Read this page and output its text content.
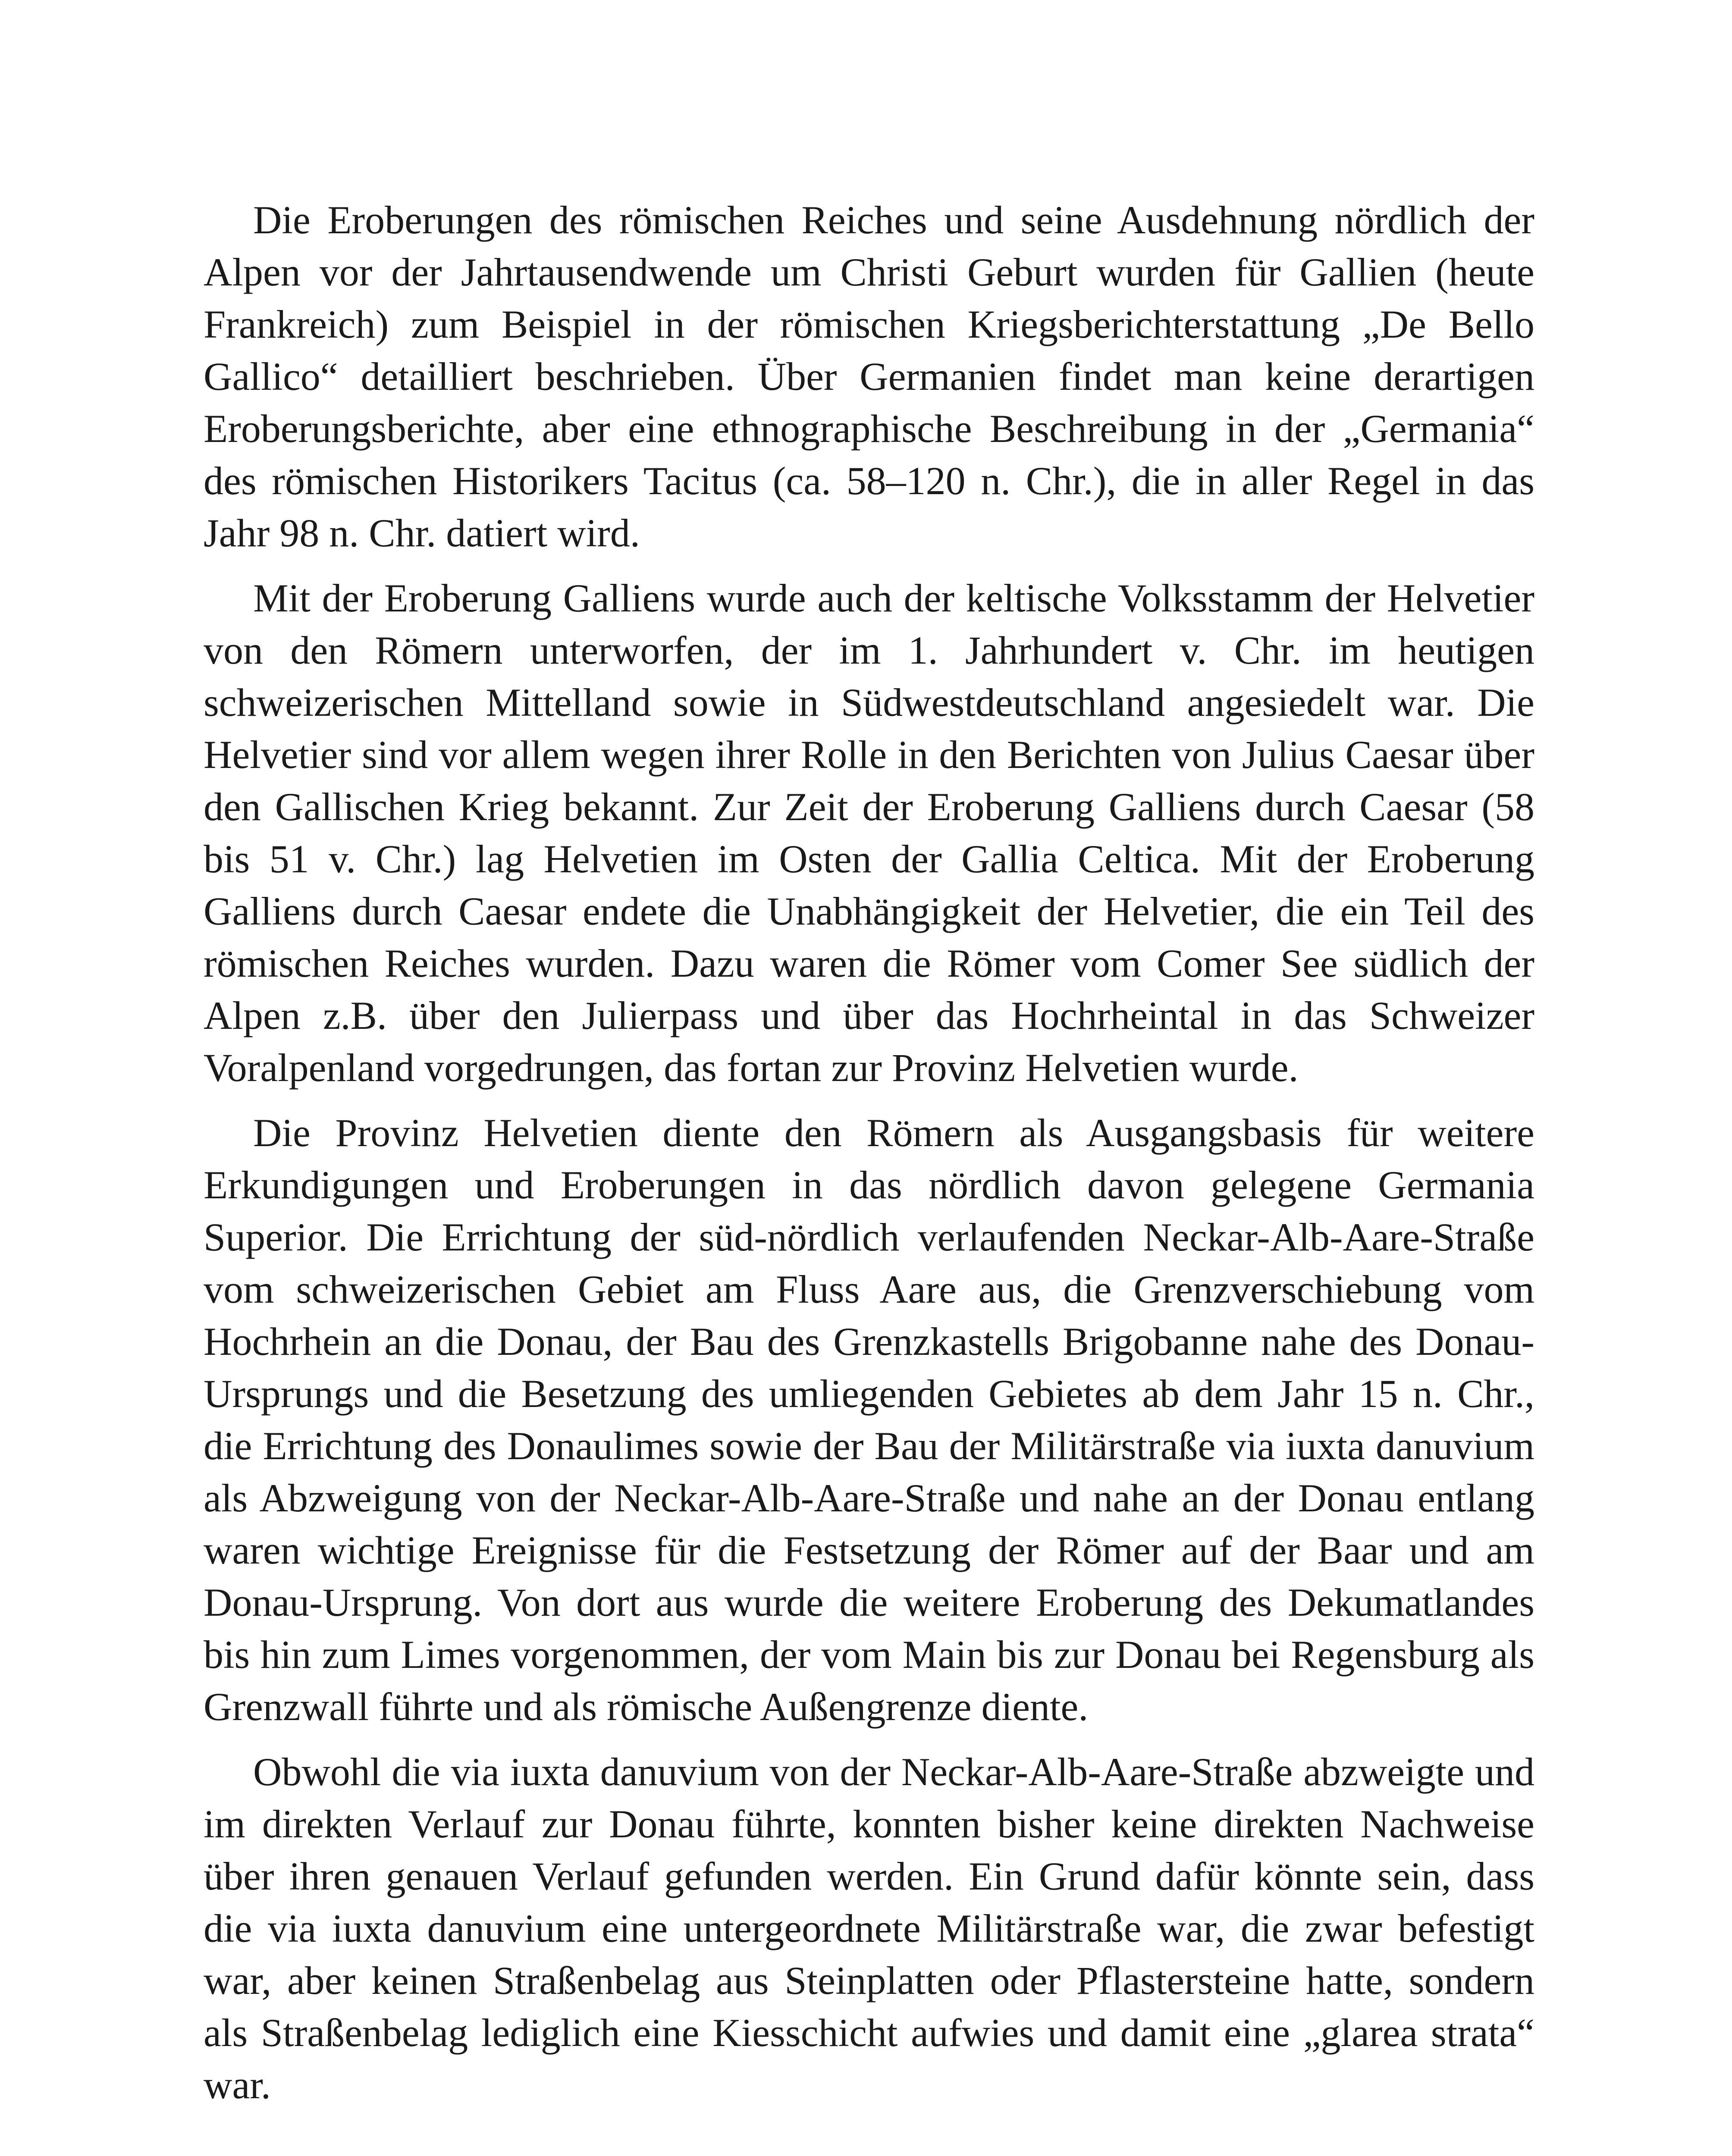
Die Eroberungen des römischen Reiches und seine Ausdehnung nördlich der
Alpen vor der Jahrtausendwende um Christi Geburt wurden für Gallien (heute
Frankreich) zum Beispiel in der römischen Kriegsberichterstattung „De Bello
Gallico“ detailliert beschrieben. Über Germanien findet man keine derartigen
Eroberungsberichte, aber eine ethnographische Beschreibung in der „Germania“
des römischen Historikers Tacitus (ca. 58–120 n. Chr.), die in aller Regel in das
Jahr 98 n. Chr. datiert wird.
Mit der Eroberung Galliens wurde auch der keltische Volksstamm der Helvetier
von den Römern unterworfen, der im 1. Jahrhundert v. Chr. im heutigen
schweizerischen Mittelland sowie in Südwestdeutschland angesiedelt war. Die
Helvetier sind vor allem wegen ihrer Rolle in den Berichten von Julius Caesar über
den Gallischen Krieg bekannt. Zur Zeit der Eroberung Galliens durch Caesar (58
bis 51 v. Chr.) lag Helvetien im Osten der Gallia Celtica. Mit der Eroberung
Galliens durch Caesar endete die Unabhängigkeit der Helvetier, die ein Teil des
römischen Reiches wurden. Dazu waren die Römer vom Comer See südlich der
Alpen z.B. über den Julierpass und über das Hochrheintal in das Schweizer
Voralpenland vorgedrungen, das fortan zur Provinz Helvetien wurde.
Die Provinz Helvetien diente den Römern als Ausgangsbasis für weitere
Erkundigungen und Eroberungen in das nördlich davon gelegene Germania
Superior. Die Errichtung der süd-nördlich verlaufenden Neckar-Alb-Aare-Straße
vom schweizerischen Gebiet am Fluss Aare aus, die Grenzverschiebung vom
Hochrhein an die Donau, der Bau des Grenzkastells Brigobanne nahe des Donau-
Ursprungs und die Besetzung des umliegenden Gebietes ab dem Jahr 15 n. Chr.,
die Errichtung des Donaulimes sowie der Bau der Militärstraße via iuxta danuvium
als Abzweigung von der Neckar-Alb-Aare-Straße und nahe an der Donau entlang
waren wichtige Ereignisse für die Festsetzung der Römer auf der Baar und am
Donau-Ursprung. Von dort aus wurde die weitere Eroberung des Dekumatlandes
bis hin zum Limes vorgenommen, der vom Main bis zur Donau bei Regensburg als
Grenzwall führte und als römische Außengrenze diente.
Obwohl die via iuxta danuvium von der Neckar-Alb-Aare-Straße abzweigte und
im direkten Verlauf zur Donau führte, konnten bisher keine direkten Nachweise
über ihren genauen Verlauf gefunden werden. Ein Grund dafür könnte sein, dass
die via iuxta danuvium eine untergeordnete Militärstraße war, die zwar befestigt
war, aber keinen Straßenbelag aus Steinplatten oder Pflastersteine hatte, sondern
als Straßenbelag lediglich eine Kiesschicht aufwies und damit eine „glarea strata“
war.
